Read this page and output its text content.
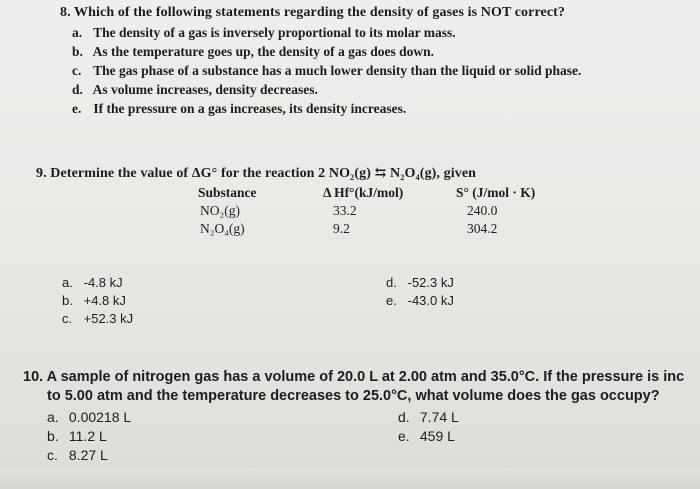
8. Which of the following statements regarding the density of gases is NOT correct?
a. The density of a gas is inversely proportional to its molar mass.
b. As the temperature goes up, the density of a gas does down.
c. The gas phase of a substance has a much lower density than the liquid or solid phase.
d. As volume increases, density decreases.
e. If the pressure on a gas increases, its density increases.
9. Determine the value of ΔG° for the reaction 2 NO₂(g) ⇆ N₂O₄(g), given
Substance	Δ Hf°(kJ/mol)	S° (J/mol · K)
NO₂(g)	33.2	240.0
N₂O₄(g)	9.2	304.2
a. -4.8 kJ
b. +4.8 kJ
c. +52.3 kJ
d. -52.3 kJ
e. -43.0 kJ
10. A sample of nitrogen gas has a volume of 20.0 L at 2.00 atm and 35.0°C. If the pressure is inc
to 5.00 atm and the temperature decreases to 25.0°C, what volume does the gas occupy?
a. 0.00218 L
b. 11.2 L
c. 8.27 L
d. 7.74 L
e. 459 L
